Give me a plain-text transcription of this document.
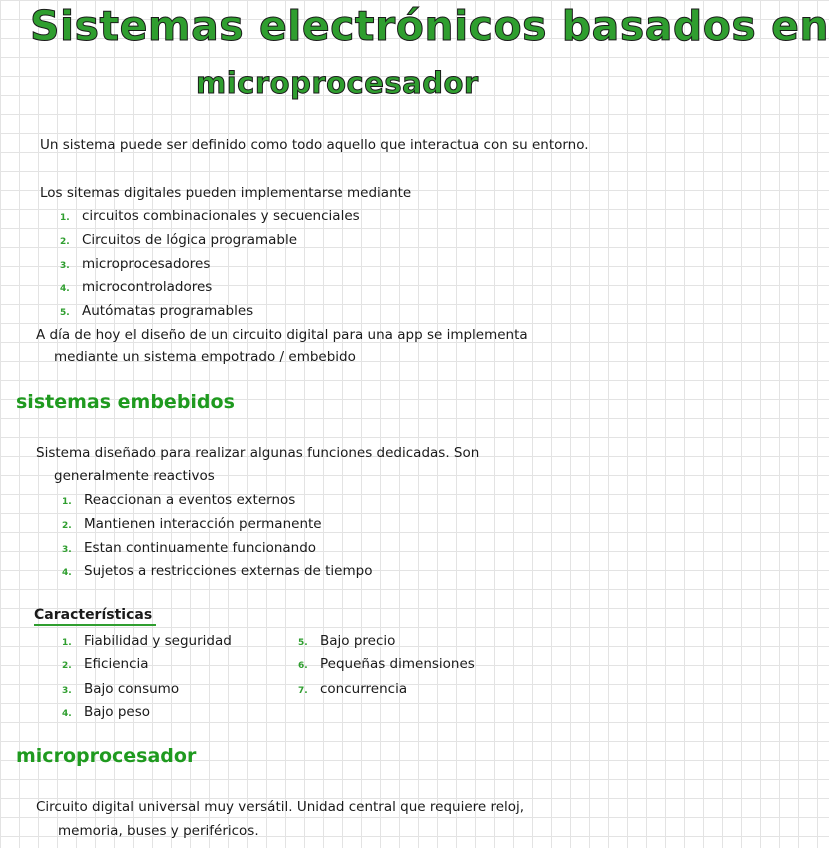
Sistemas electrónicos basados en
microprocesador

Un sistema puede ser definido como todo aquello que interactua con su entorno.

Los sitemas digitales pueden implementarse mediante

1. circuitos combinacionales y secuenciales
2. Circuitos de lógica programable
3. microprocesadores
4. microcontroladores
5. Autómatas programables

A día de hoy el diseño de un circuito digital para una app se implementa

mediante un sistema empotrado / embebido

sistemas embebidos

Sistema diseñado para realizar algunas funciones dedicadas. Son

generalmente reactivos

1. Reaccionan a eventos externos
2. Mantienen interacción permanente
3. Estan continuamente funcionando
4. Sujetos a restricciones externas de tiempo
Características
1. Fiabilidad y seguridad
2. Eficiencia
3. Bajo consumo
4. Bajo peso
5. Bajo precio
6. Pequeñas dimensiones
7. concurrencia
microprocesador

Circuito digital universal muy versátil. Unidad central que requiere reloj,

memoria, buses y periféricos.
